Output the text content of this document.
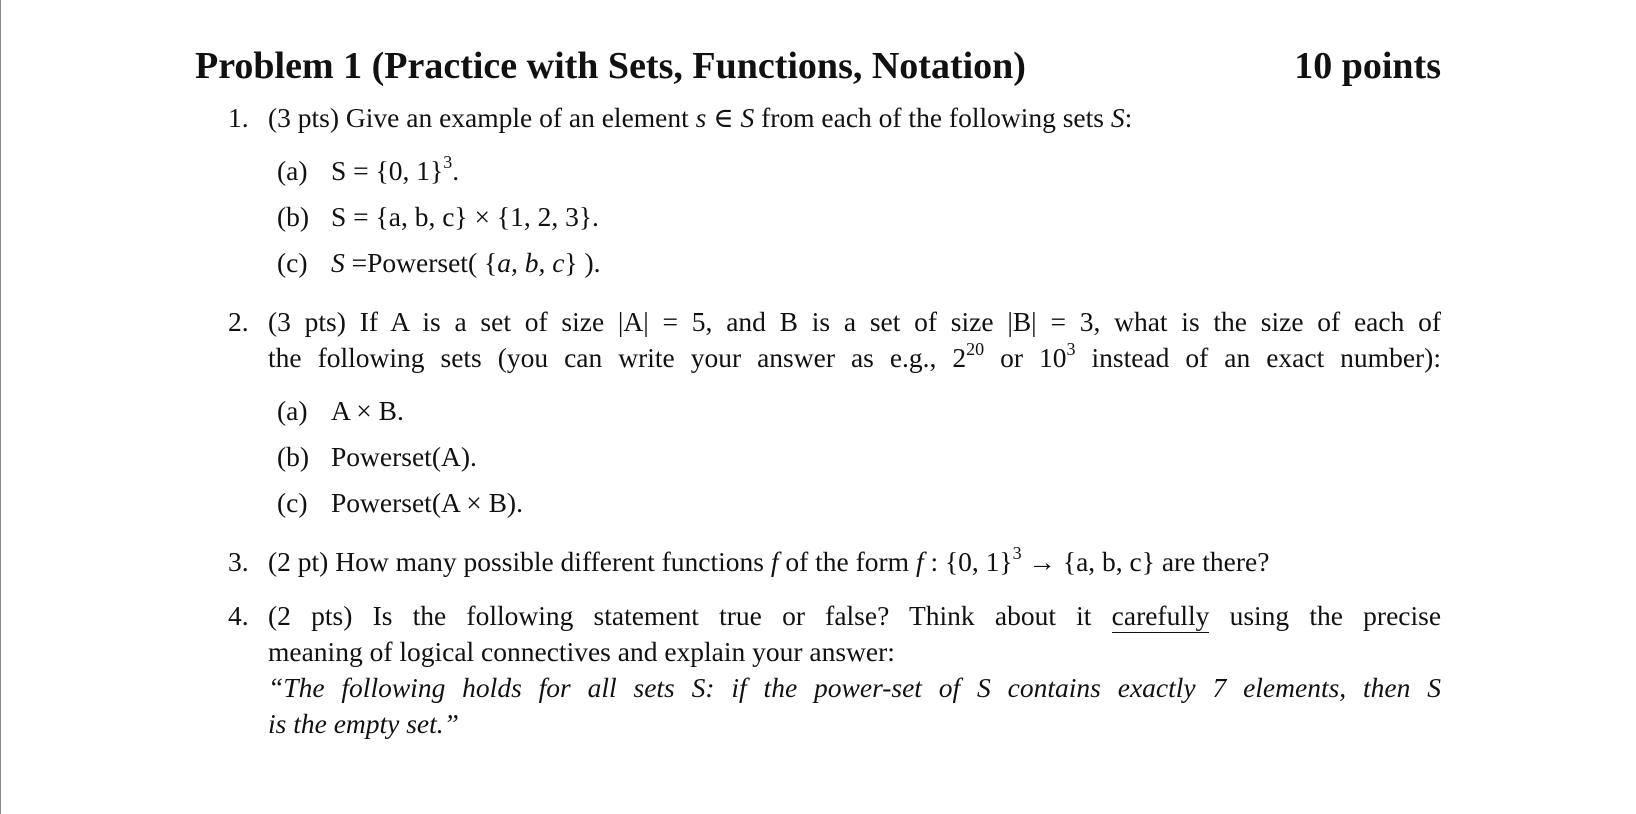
Problem 1 (Practice with Sets, Functions, Notation)	10 points
1. (3 pts) Give an example of an element s ∈ S from each of the following sets S:
(a) S = {0, 1}$^3$.
(b) S = {a, b, c} × {1, 2, 3}.
(c) S =Powerset( {a, b, c} ).
2. (3 pts) If A is a set of size |A| = 5, and B is a set of size |B| = 3, what is the size of each of
the following sets (you can write your answer as e.g., $2^{20}$ or $10^3$ instead of an exact number):
(a) A × B.
(b) Powerset(A).
(c) Powerset(A × B).
3. (2 pt) How many possible different functions f of the form f : {0, 1}$^3$ → {a, b, c} are there?
4. (2 pts) Is the following statement true or false? Think about it carefully using the precise
meaning of logical connectives and explain your answer:
“The following holds for all sets S: if the power-set of S contains exactly 7 elements, then S
is the empty set.”
